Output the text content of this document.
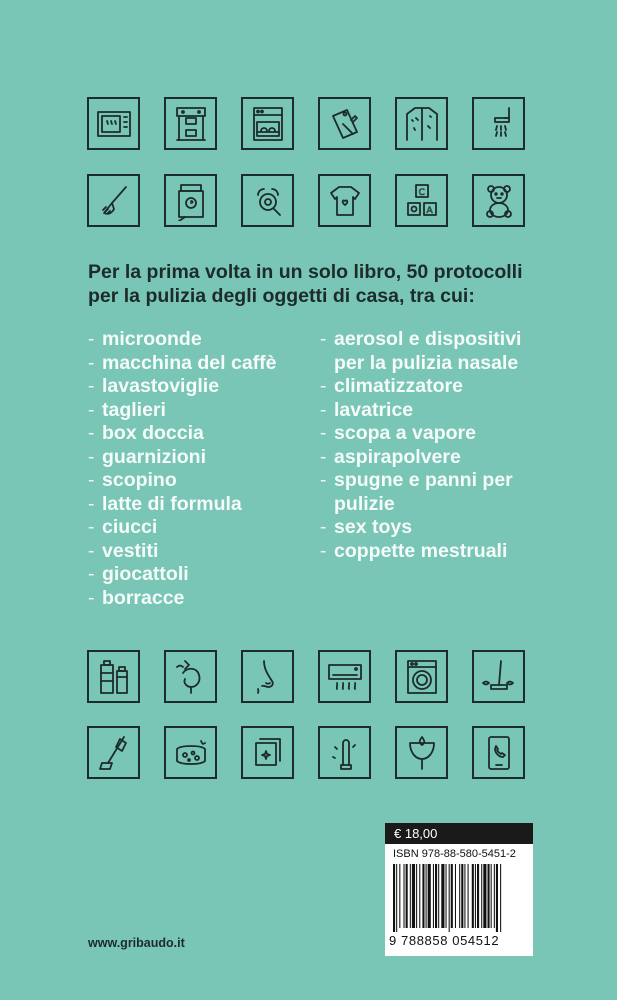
C
A
Per la prima volta in un solo libro, 50 protocolli per la pulizia degli oggetti di casa, tra cui:
- microonde
- macchina del caffè
- lavastoviglie
- taglieri
- box doccia
- guarnizioni
- scopino
- latte di formula
- ciucci
- vestiti
- giocattoli
- borracce
- aerosol e dispositivi per la pulizia nasale
- climatizzatore
- lavatrice
- scopa a vapore
- aspirapolvere
- spugne e panni per pulizie
- sex toys
- coppette mestruali
€ 18,00
ISBN 978-88-580-5451-2
9 788858 054512
www.gribaudo.it
